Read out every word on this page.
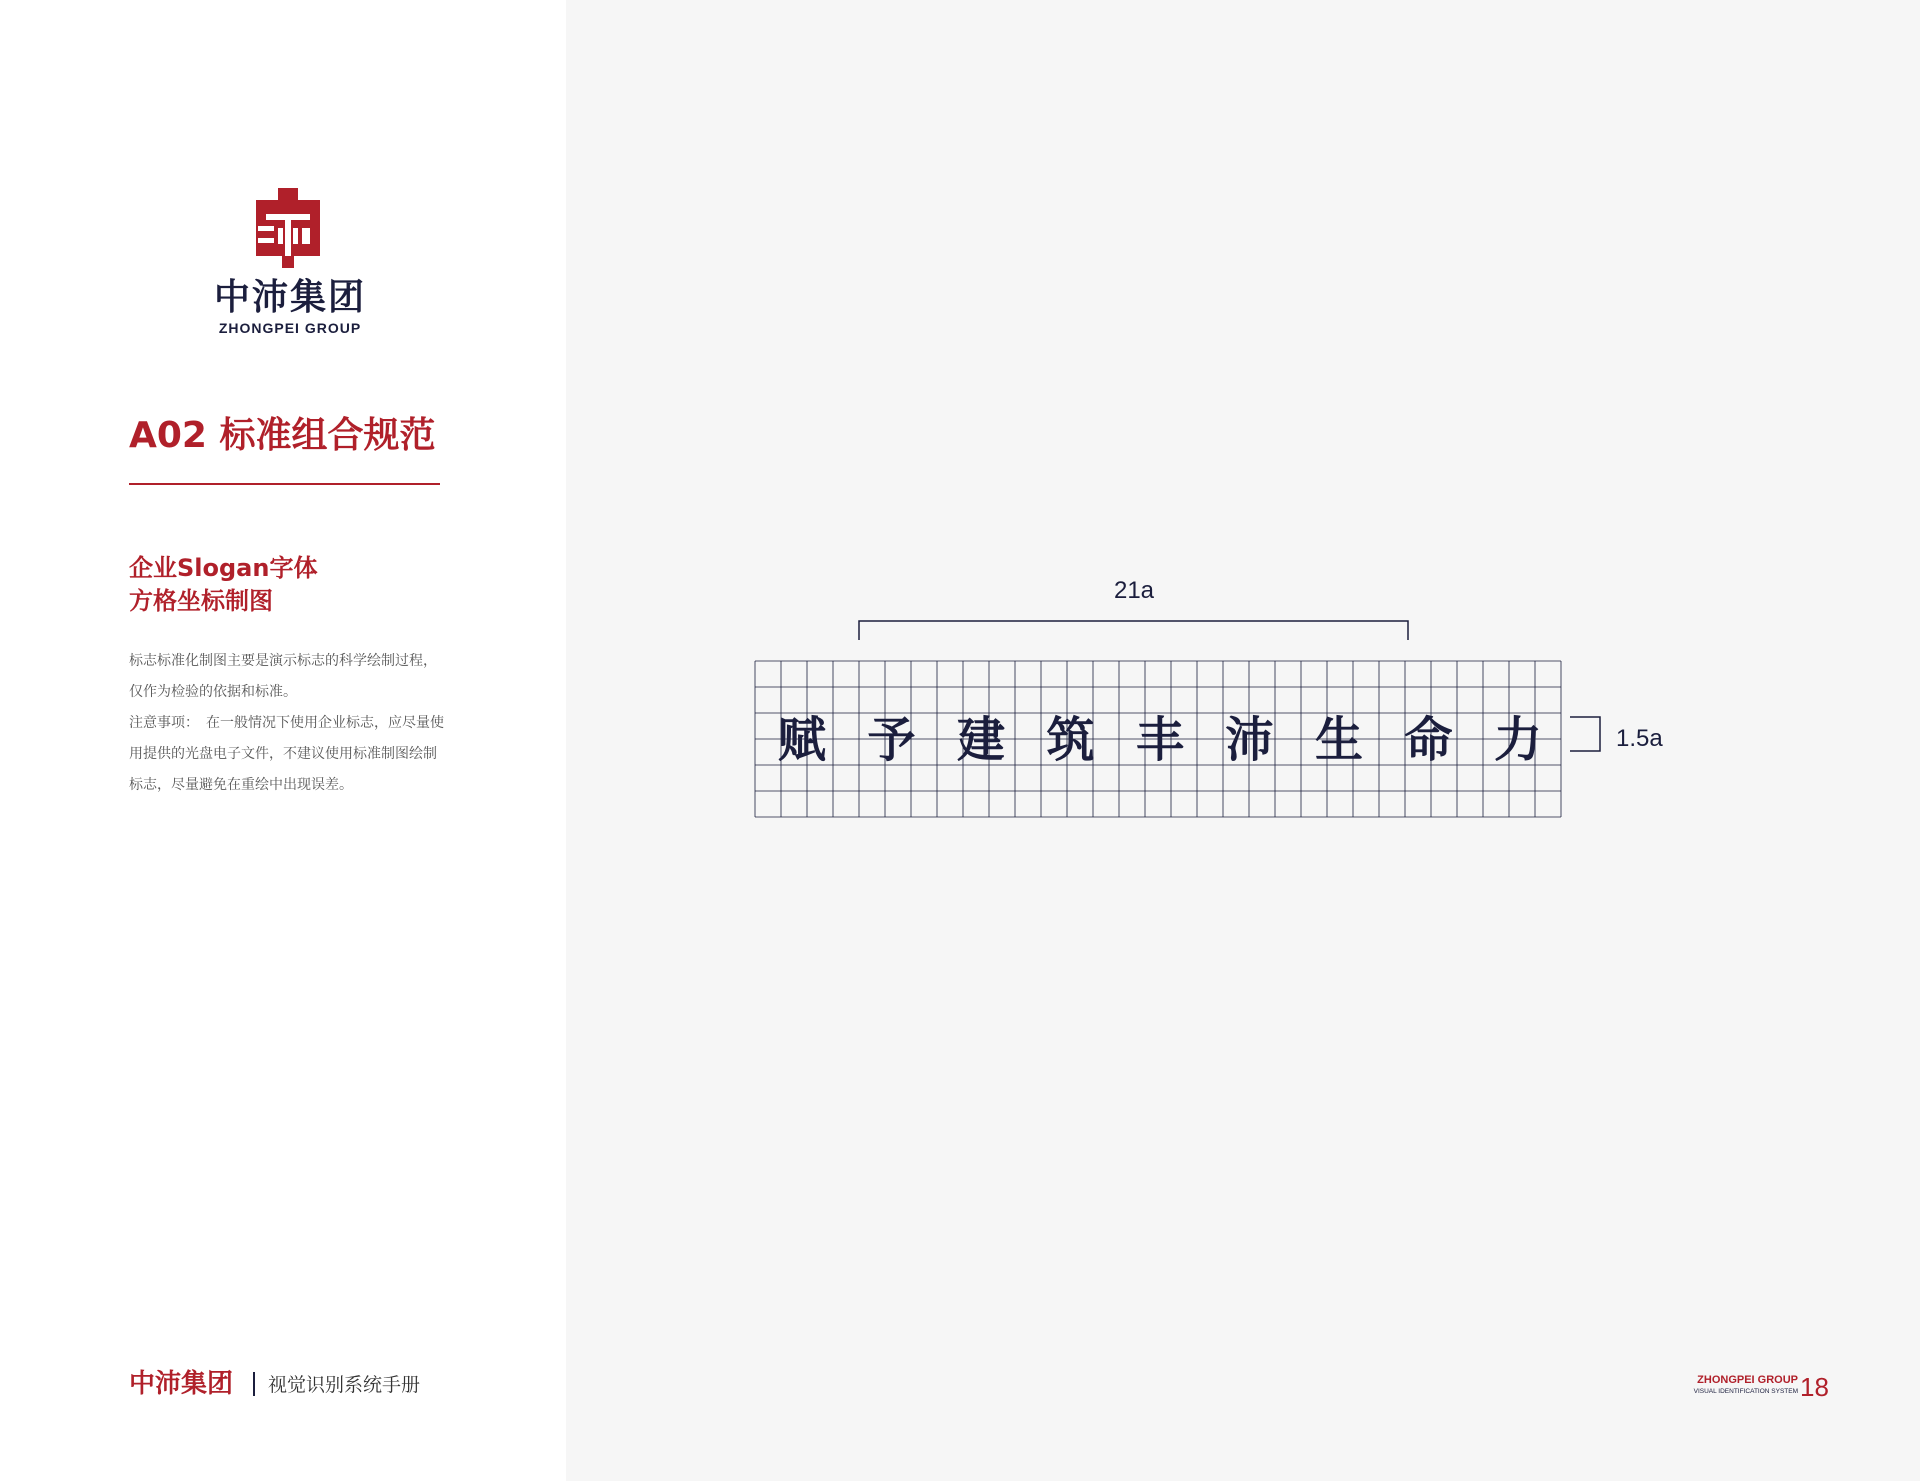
中沛集团
ZHONGPEI GROUP
A02 标准组合规范
企业Slogan字体
方格坐标制图

标志标准化制图主要是演示标志的科学绘制过程，仅作为检验的依据和标准。

注意事项：　在一般情况下使用企业标志，应尽量使用提供的光盘电子文件，不建议使用标准制图绘制标志，尽量避免在重绘中出现误差。

赋 予 建 筑 丰 沛 生 命 力
21a
1.5a
中沛集团 视觉识别系统手册	ZHONGPEI GROUP
VISUAL IDENTIFICATION SYSTEM 18
